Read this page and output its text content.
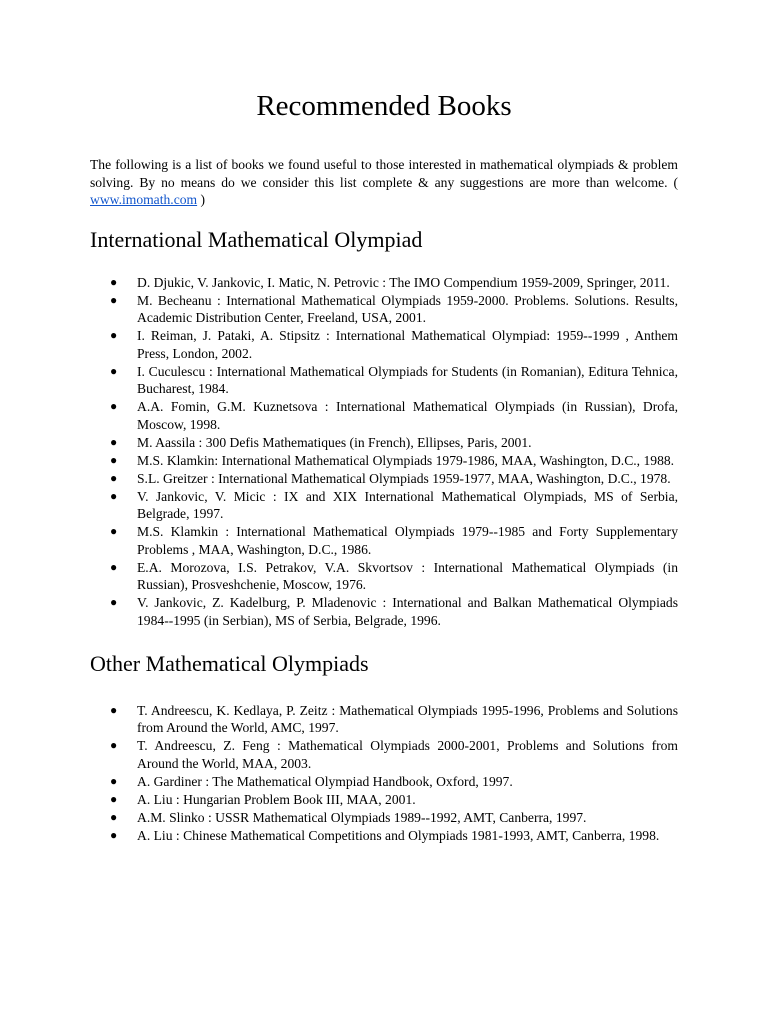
Recommended Books

The following is a list of books we found useful to those interested in mathematical olympiads & problem solving. By no means do we consider this list complete & any suggestions are more than welcome. ( www.imomath.com )

International Mathematical Olympiad
● D. Djukic, V. Jankovic, I. Matic, N. Petrovic : The IMO Compendium 1959-2009, Springer, 2011.
● M. Becheanu : International Mathematical Olympiads 1959-2000. Problems. Solutions. Results, Academic Distribution Center, Freeland, USA, 2001.
● I. Reiman, J. Pataki, A. Stipsitz : International Mathematical Olympiad: 1959--1999 , Anthem Press, London, 2002.
● I. Cuculescu : International Mathematical Olympiads for Students (in Romanian), Editura Tehnica, Bucharest, 1984.
● A.A. Fomin, G.M. Kuznetsova : International Mathematical Olympiads (in Russian), Drofa, Moscow, 1998.
● M. Aassila : 300 Defis Mathematiques (in French), Ellipses, Paris, 2001.
● M.S. Klamkin: International Mathematical Olympiads 1979-1986, MAA, Washington, D.C., 1988.
● S.L. Greitzer : International Mathematical Olympiads 1959-1977, MAA, Washington, D.C., 1978.
● V. Jankovic, V. Micic : IX and XIX International Mathematical Olympiads, MS of Serbia, Belgrade, 1997.
● M.S. Klamkin : International Mathematical Olympiads 1979--1985 and Forty Supplementary Problems , MAA, Washington, D.C., 1986.
● E.A. Morozova, I.S. Petrakov, V.A. Skvortsov : International Mathematical Olympiads (in Russian), Prosveshchenie, Moscow, 1976.
● V. Jankovic, Z. Kadelburg, P. Mladenovic : International and Balkan Mathematical Olympiads 1984--1995 (in Serbian), MS of Serbia, Belgrade, 1996.
Other Mathematical Olympiads
● T. Andreescu, K. Kedlaya, P. Zeitz : Mathematical Olympiads 1995-1996, Problems and Solutions from Around the World, AMC, 1997.
● T. Andreescu, Z. Feng : Mathematical Olympiads 2000-2001, Problems and Solutions from Around the World, MAA, 2003.
● A. Gardiner : The Mathematical Olympiad Handbook, Oxford, 1997.
● A. Liu : Hungarian Problem Book III, MAA, 2001.
● A.M. Slinko : USSR Mathematical Olympiads 1989--1992, AMT, Canberra, 1997.
● A. Liu : Chinese Mathematical Competitions and Olympiads 1981-1993, AMT, Canberra, 1998.
